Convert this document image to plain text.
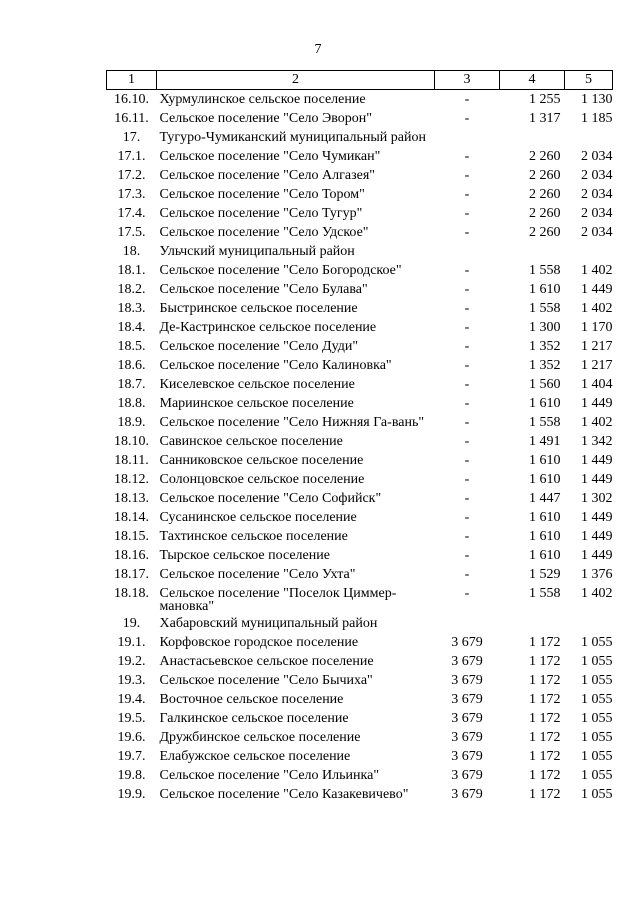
7
1	2	3	4	5
16.10.	Хурмулинское сельское поселение	-	1 255	1 130
16.11.	Сельское поселение "Село Эворон"	-	1 317	1 185
17.	Тугуро-Чумиканский муниципальный район			
17.1.	Сельское поселение "Село Чумикан"	-	2 260	2 034
17.2.	Сельское поселение "Село Алгазея"	-	2 260	2 034
17.3.	Сельское поселение "Село Тором"	-	2 260	2 034
17.4.	Сельское поселение "Село Тугур"	-	2 260	2 034
17.5.	Сельское поселение "Село Удское"	-	2 260	2 034
18.	Ульчский муниципальный район			
18.1.	Сельское поселение "Село Богородское"	-	1 558	1 402
18.2.	Сельское поселение "Село Булава"	-	1 610	1 449
18.3.	Быстринское сельское поселение	-	1 558	1 402
18.4.	Де-Кастринское сельское поселение	-	1 300	1 170
18.5.	Сельское поселение "Село Дуди"	-	1 352	1 217
18.6.	Сельское поселение "Село Калиновка"	-	1 352	1 217
18.7.	Киселевское сельское поселение	-	1 560	1 404
18.8.	Мариинское сельское поселение	-	1 610	1 449
18.9.	Сельское поселение "Село Нижняя Га-вань"	-	1 558	1 402
18.10.	Савинское сельское поселение	-	1 491	1 342
18.11.	Санниковское сельское поселение	-	1 610	1 449
18.12.	Солонцовское сельское поселение	-	1 610	1 449
18.13.	Сельское поселение "Село Софийск"	-	1 447	1 302
18.14.	Сусанинское сельское поселение	-	1 610	1 449
18.15.	Тахтинское сельское поселение	-	1 610	1 449
18.16.	Тырское сельское поселение	-	1 610	1 449
18.17.	Сельское поселение "Село Ухта"	-	1 529	1 376
18.18.	Сельское поселение "Поселок Циммер-мановка"	-	1 558	1 402
19.	Хабаровский муниципальный район			
19.1.	Корфовское городское поселение	3 679	1 172	1 055
19.2.	Анастасьевское сельское поселение	3 679	1 172	1 055
19.3.	Сельское поселение "Село Бычиха"	3 679	1 172	1 055
19.4.	Восточное сельское поселение	3 679	1 172	1 055
19.5.	Галкинское сельское поселение	3 679	1 172	1 055
19.6.	Дружбинское сельское поселение	3 679	1 172	1 055
19.7.	Елабужское сельское поселение	3 679	1 172	1 055
19.8.	Сельское поселение "Село Ильинка"	3 679	1 172	1 055
19.9.	Сельское поселение "Село Казакевичево"	3 679	1 172	1 055
